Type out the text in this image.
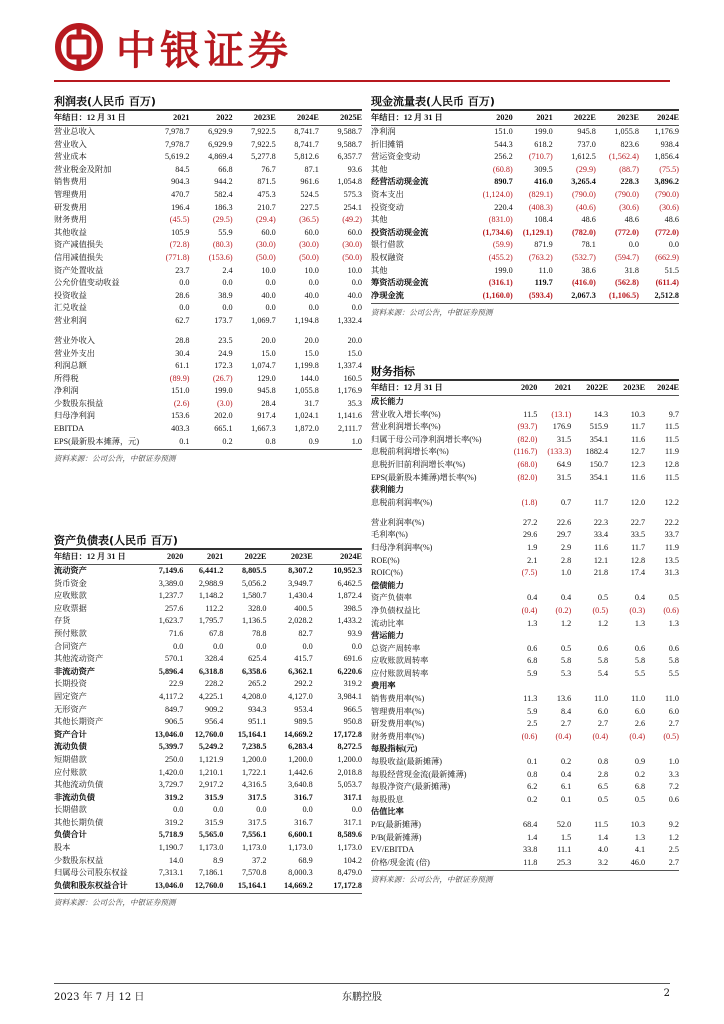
中银证券
利润表(人民币 百万)
年结日：12 月 31 日	2021	2022	2023E	2024E	2025E
营业总收入	7,978.7	6,929.9	7,922.5	8,741.7	9,588.7
营业收入	7,978.7	6,929.9	7,922.5	8,741.7	9,588.7
营业成本	5,619.2	4,869.4	5,277.8	5,812.6	6,357.7
营业税金及附加	84.5	66.8	76.7	87.1	93.6
销售费用	904.3	944.2	871.5	961.6	1,054.8
管理费用	470.7	582.4	475.3	524.5	575.3
研发费用	196.4	186.3	210.7	227.5	254.1
财务费用	(45.5)	(29.5)	(29.4)	(36.5)	(49.2)
其他收益	105.9	55.9	60.0	60.0	60.0
资产减值损失	(72.8)	(80.3)	(30.0)	(30.0)	(30.0)
信用减值损失	(771.8)	(153.6)	(50.0)	(50.0)	(50.0)
资产处置收益	23.7	2.4	10.0	10.0	10.0
公允价值变动收益	0.0	0.0	0.0	0.0	0.0
投资收益	28.6	38.9	40.0	40.0	40.0
汇兑收益	0.0	0.0	0.0	0.0	0.0
营业利润	62.7	173.7	1,069.7	1,194.8	1,332.4
营业外收入	28.8	23.5	20.0	20.0	20.0
营业外支出	30.4	24.9	15.0	15.0	15.0
利润总额	61.1	172.3	1,074.7	1,199.8	1,337.4
所得税	(89.9)	(26.7)	129.0	144.0	160.5
净利润	151.0	199.0	945.8	1,055.8	1,176.9
少数股东损益	(2.6)	(3.0)	28.4	31.7	35.3
归母净利润	153.6	202.0	917.4	1,024.1	1,141.6
EBITDA	403.3	665.1	1,667.3	1,872.0	2,111.7
EPS(最新股本摊薄，元)	0.1	0.2	0.8	0.9	1.0
资料来源：公司公告，中银证券预测
资产负债表(人民币 百万)
年结日：12 月 31 日	2020	2021	2022E	2023E	2024E
流动资产	7,149.6	6,441.2	8,805.5	8,307.2	10,952.3
货币资金	3,389.0	2,988.9	5,056.2	3,949.7	6,462.5
应收账款	1,237.7	1,148.2	1,580.7	1,430.4	1,872.4
应收票据	257.6	112.2	328.0	400.5	398.5
存货	1,623.7	1,795.7	1,136.5	2,028.2	1,433.2
预付账款	71.6	67.8	78.8	82.7	93.9
合同资产	0.0	0.0	0.0	0.0	0.0
其他流动资产	570.1	328.4	625.4	415.7	691.6
非流动资产	5,896.4	6,318.8	6,358.6	6,362.1	6,220.6
长期投资	22.9	228.2	265.2	292.2	319.2
固定资产	4,117.2	4,225.1	4,208.0	4,127.0	3,984.1
无形资产	849.7	909.2	934.3	953.4	966.5
其他长期资产	906.5	956.4	951.1	989.5	950.8
资产合计	13,046.0	12,760.0	15,164.1	14,669.2	17,172.8
流动负债	5,399.7	5,249.2	7,238.5	6,283.4	8,272.5
短期借款	250.0	1,121.9	1,200.0	1,200.0	1,200.0
应付账款	1,420.0	1,210.1	1,722.1	1,442.6	2,018.8
其他流动负债	3,729.7	2,917.2	4,316.5	3,640.8	5,053.7
非流动负债	319.2	315.9	317.5	316.7	317.1
长期借款	0.0	0.0	0.0	0.0	0.0
其他长期负债	319.2	315.9	317.5	316.7	317.1
负债合计	5,718.9	5,565.0	7,556.1	6,600.1	8,589.6
股本	1,190.7	1,173.0	1,173.0	1,173.0	1,173.0
少数股东权益	14.0	8.9	37.2	68.9	104.2
归属母公司股东权益	7,313.1	7,186.1	7,570.8	8,000.3	8,479.0
负债和股东权益合计	13,046.0	12,760.0	15,164.1	14,669.2	17,172.8
资料来源：公司公告，中银证券预测
现金流量表(人民币 百万)
年结日：12 月 31 日	2020	2021	2022E	2023E	2024E
净利润	151.0	199.0	945.8	1,055.8	1,176.9
折旧摊销	544.3	618.2	737.0	823.6	938.4
营运资金变动	256.2	(710.7)	1,612.5	(1,562.4)	1,856.4
其他	(60.8)	309.5	(29.9)	(88.7)	(75.5)
经营活动现金流	890.7	416.0	3,265.4	228.3	3,896.2
资本支出	(1,124.0)	(829.1)	(790.0)	(790.0)	(790.0)
投资变动	220.4	(408.3)	(40.6)	(30.6)	(30.6)
其他	(831.0)	108.4	48.6	48.6	48.6
投资活动现金流	(1,734.6)	(1,129.1)	(782.0)	(772.0)	(772.0)
银行借款	(59.9)	871.9	78.1	0.0	0.0
股权融资	(455.2)	(763.2)	(532.7)	(594.7)	(662.9)
其他	199.0	11.0	38.6	31.8	51.5
筹资活动现金流	(316.1)	119.7	(416.0)	(562.8)	(611.4)
净现金流	(1,160.0)	(593.4)	2,067.3	(1,106.5)	2,512.8
资料来源：公司公告，中银证券预测
财务指标
年结日：12 月 31 日	2020	2021	2022E	2023E	2024E
成长能力					
营业收入增长率(%)	11.5	(13.1)	14.3	10.3	9.7
营业利润增长率(%)	(93.7)	176.9	515.9	11.7	11.5
归属于母公司净利润增长率(%)	(82.0)	31.5	354.1	11.6	11.5
息税前利润增长率(%)	(116.7)	(133.3)	1882.4	12.7	11.9
息税折旧前利润增长率(%)	(68.0)	64.9	150.7	12.3	12.8
EPS(最新股本摊薄)增长率(%)	(82.0)	31.5	354.1	11.6	11.5
获利能力					
息税前利润率(%)	(1.8)	0.7	11.7	12.0	12.2
营业利润率(%)	27.2	22.6	22.3	22.7	22.2
毛利率(%)	29.6	29.7	33.4	33.5	33.7
归母净利润率(%)	1.9	2.9	11.6	11.7	11.9
ROE(%)	2.1	2.8	12.1	12.8	13.5
ROIC(%)	(7.5)	1.0	21.8	17.4	31.3
偿债能力					
资产负债率	0.4	0.4	0.5	0.4	0.5
净负债权益比	(0.4)	(0.2)	(0.5)	(0.3)	(0.6)
流动比率	1.3	1.2	1.2	1.3	1.3
营运能力					
总资产周转率	0.6	0.5	0.6	0.6	0.6
应收账款周转率	6.8	5.8	5.8	5.8	5.8
应付账款周转率	5.9	5.3	5.4	5.5	5.5
费用率					
销售费用率(%)	11.3	13.6	11.0	11.0	11.0
管理费用率(%)	5.9	8.4	6.0	6.0	6.0
研发费用率(%)	2.5	2.7	2.7	2.6	2.7
财务费用率(%)	(0.6)	(0.4)	(0.4)	(0.4)	(0.5)
每股指标(元)					
每股收益(最新摊薄)	0.1	0.2	0.8	0.9	1.0
每股经营现金流(最新摊薄)	0.8	0.4	2.8	0.2	3.3
每股净资产(最新摊薄)	6.2	6.1	6.5	6.8	7.2
每股股息	0.2	0.1	0.5	0.5	0.6
估值比率					
P/E(最新摊薄)	68.4	52.0	11.5	10.3	9.2
P/B(最新摊薄)	1.4	1.5	1.4	1.3	1.2
EV/EBITDA	33.8	11.1	4.0	4.1	2.5
价格/现金流 (倍)	11.8	25.3	3.2	46.0	2.7
资料来源：公司公告，中银证券预测
2023 年 7 月 12 日	东鹏控股	2
